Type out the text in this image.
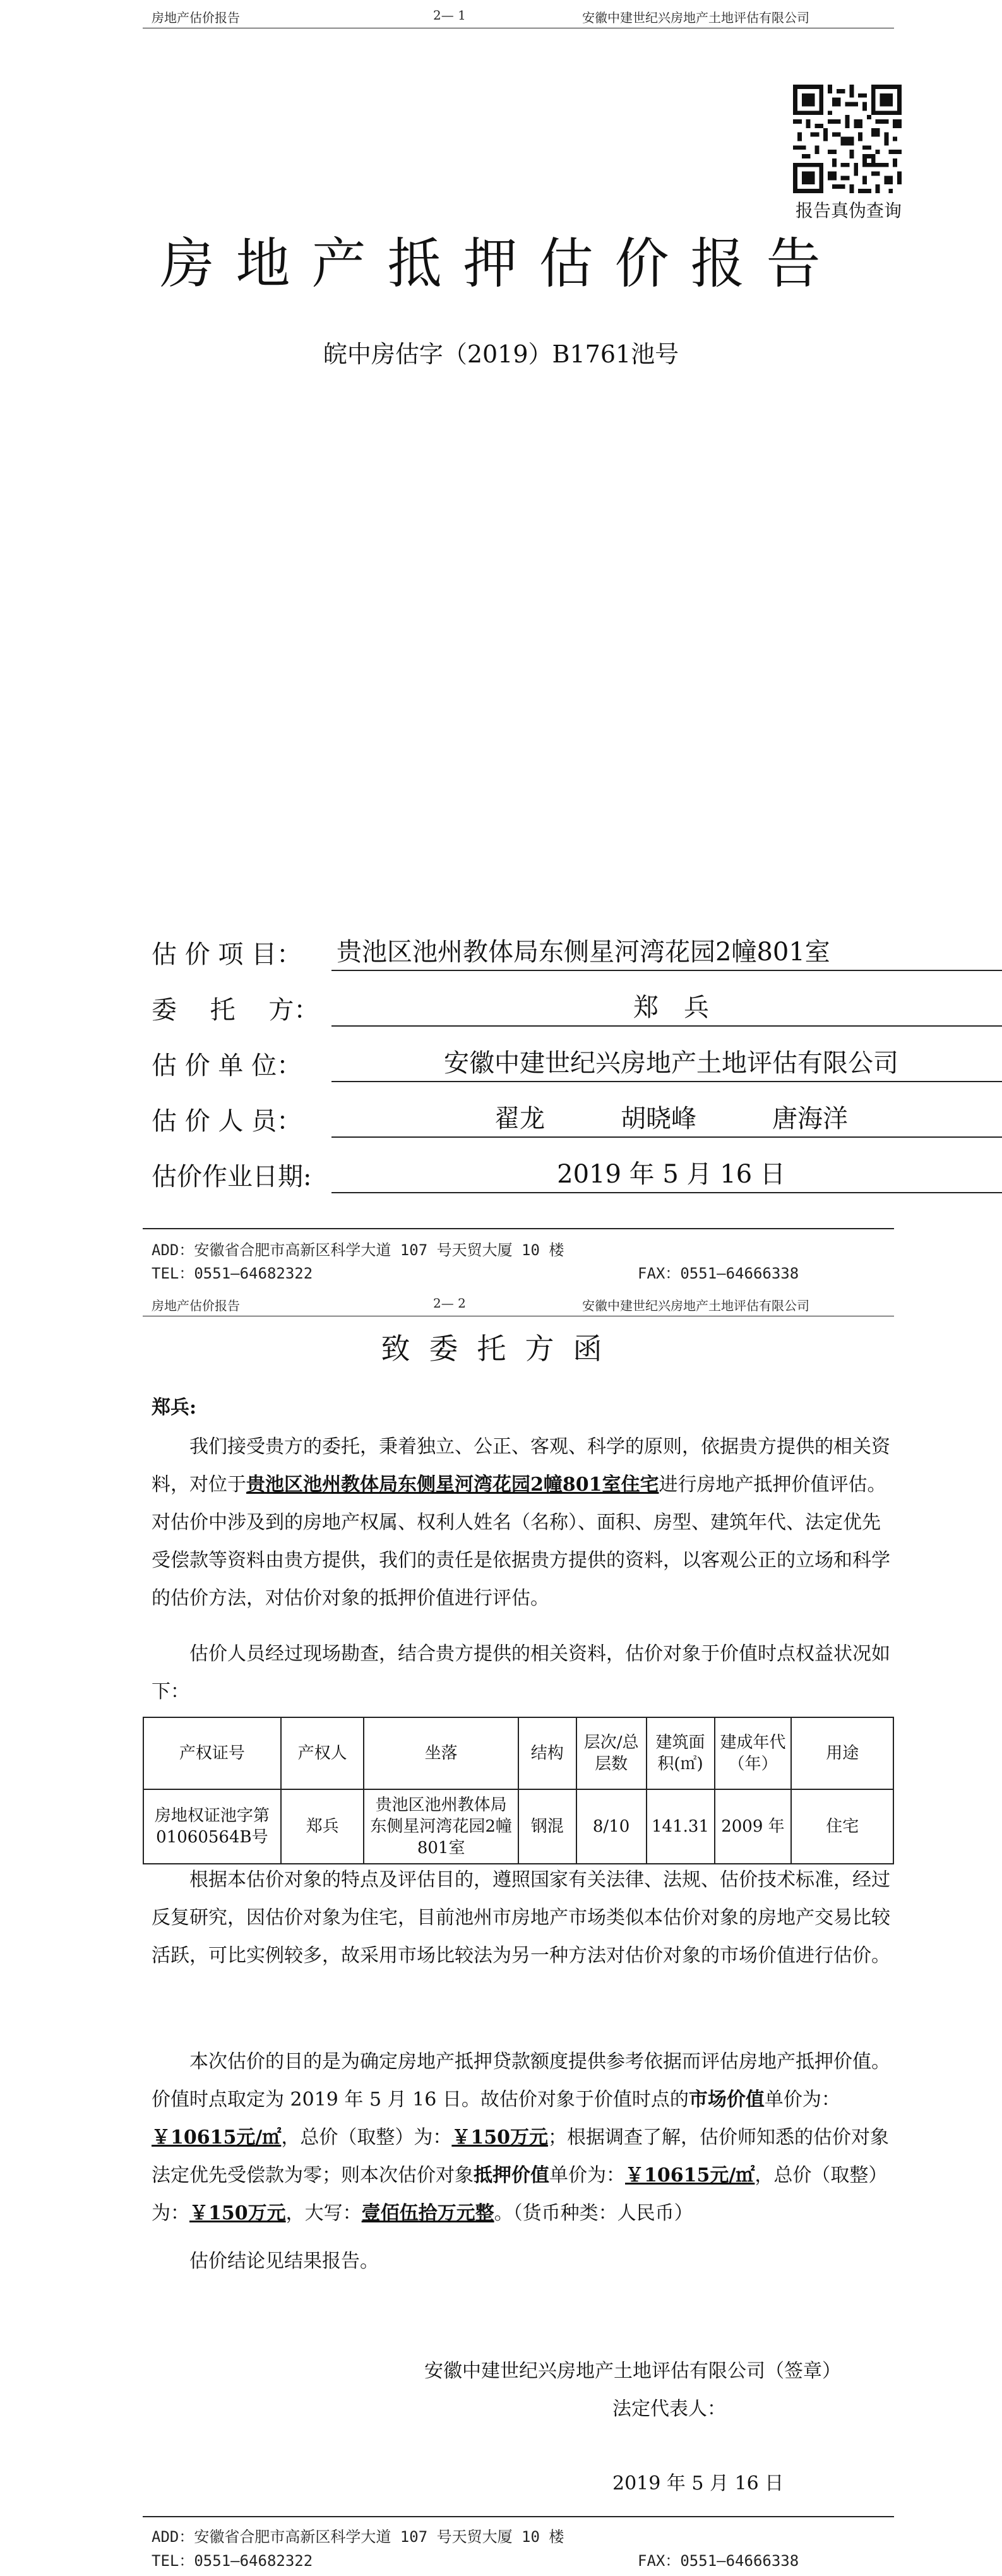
房地产估价报告	2— 1	安徽中建世纪兴房地产土地评估有限公司
报告真伪查询
房地产抵押估价报告
皖中房估字（2019）B1761池号
估 价 项 目： 贵池区池州教体局东侧星河湾花园2幢801室
委　 托　 方：	郑　兵
估 价 单 位：	安徽中建世纪兴房地产土地评估有限公司
估 价 人 员：	翟龙　　　胡晓峰　　　唐海洋
估价作业日期:	2019 年 5 月 16 日
ADD：安徽省合肥市高新区科学大道 107 号天贸大厦 10 楼
TEL：0551—64682322	FAX：0551—64666338
房地产估价报告	2— 2	安徽中建世纪兴房地产土地评估有限公司
致委托方函
郑兵:
我们接受贵方的委托，秉着独立、公正、客观、科学的原则，依据贵方提供的相关资料，对位于贵池区池州教体局东侧星河湾花园2幢801室住宅进行房地产抵押价值评估。对估价中涉及到的房地产权属、权利人姓名（名称）、面积、房型、建筑年代、法定优先受偿款等资料由贵方提供，我们的责任是依据贵方提供的资料，以客观公正的立场和科学的估价方法，对估价对象的抵押价值进行评估。
估价人员经过现场勘查，结合贵方提供的相关资料，估价对象于价值时点权益状况如下：
产权证号	产权人	坐落	结构	层次/总层数	建筑面积(㎡)	建成年代（年）	用途
房地权证池字第01060564B号	郑兵	贵池区池州教体局东侧星河湾花园2幢801室	钢混	8/10	141.31	2009 年	住宅
根据本估价对象的特点及评估目的，遵照国家有关法律、法规、估价技术标准，经过反复研究，因估价对象为住宅，目前池州市房地产市场类似本估价对象的房地产交易比较活跃，可比实例较多，故采用市场比较法为另一种方法对估价对象的市场价值进行估价。
本次估价的目的是为确定房地产抵押贷款额度提供参考依据而评估房地产抵押价值。价值时点取定为 2019 年 5 月 16 日。故估价对象于价值时点的市场价值单价为：￥10615元/㎡，总价（取整）为：￥150万元；根据调查了解，估价师知悉的估价对象法定优先受偿款为零；则本次估价对象抵押价值单价为：￥10615元/㎡，总价（取整）为：￥150万元，大写：壹佰伍拾万元整。（货币种类：人民币）
估价结论见结果报告。
安徽中建世纪兴房地产土地评估有限公司（签章）
法定代表人：
2019 年 5 月 16 日
ADD：安徽省合肥市高新区科学大道 107 号天贸大厦 10 楼
TEL：0551—64682322	FAX：0551—64666338
